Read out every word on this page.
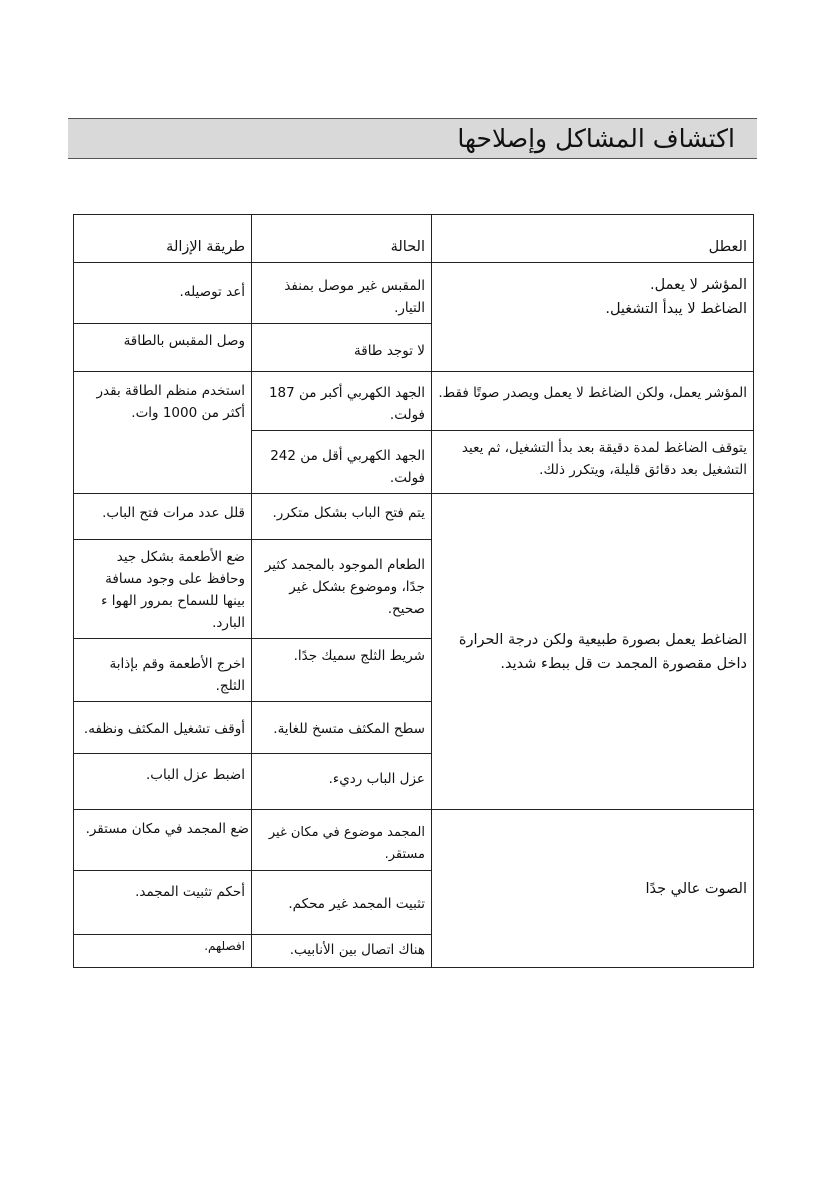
اكتشاف المشاكل وإصلاحها
العطل	الحالة	طريقة الإزالة
المؤشر لا يعمل.
الضاغط لا يبدأ التشغيل.	المقبس غير موصل بمنفذ التيار.	أعد توصيله.
	لا توجد طاقة	وصل المقبس بالطاقة
المؤشر يعمل، ولكن الضاغط لا يعمل ويصدر صوتًا فقط.	الجهد الكهربي أكبر من 187 فولت.	استخدم منظم الطاقة بقدر أكثر من 1000 وات.
يتوقف الضاغط لمدة دقيقة بعد بدأ التشغيل، ثم يعيد التشغيل بعد دقائق قليلة، ويتكرر ذلك.	الجهد الكهربي أقل من 242 فولت.	
الضاغط يعمل بصورة طبيعية ولكن درجة الحرارة داخل مقصورة المجمد ت قل ببطء شديد.	يتم فتح الباب بشكل متكرر.	قلل عدد مرات فتح الباب.
	الطعام الموجود بالمجمد كثير جدًا، وموضوع بشكل غير صحيح.	ضع الأطعمة بشكل جيد وحافظ على وجود مسافة بينها للسماح بمرور الهوا ء البارد.
	شريط الثلج سميك جدًا.	اخرج الأطعمة وقم بإذابة الثلج.
	سطح المكثف متسخ للغاية.	أوقف تشغيل المكثف ونظفه.
	عزل الباب رديء.	اضبط عزل الباب.
الصوت عالي جدًا	المجمد موضوع في مكان غير مستقر.	ضع المجمد في مكان مستقر.
	تثبيت المجمد غير محكم.	أحكم تثبيت المجمد.
	هناك اتصال بين الأنابيب.	افصلهم.
